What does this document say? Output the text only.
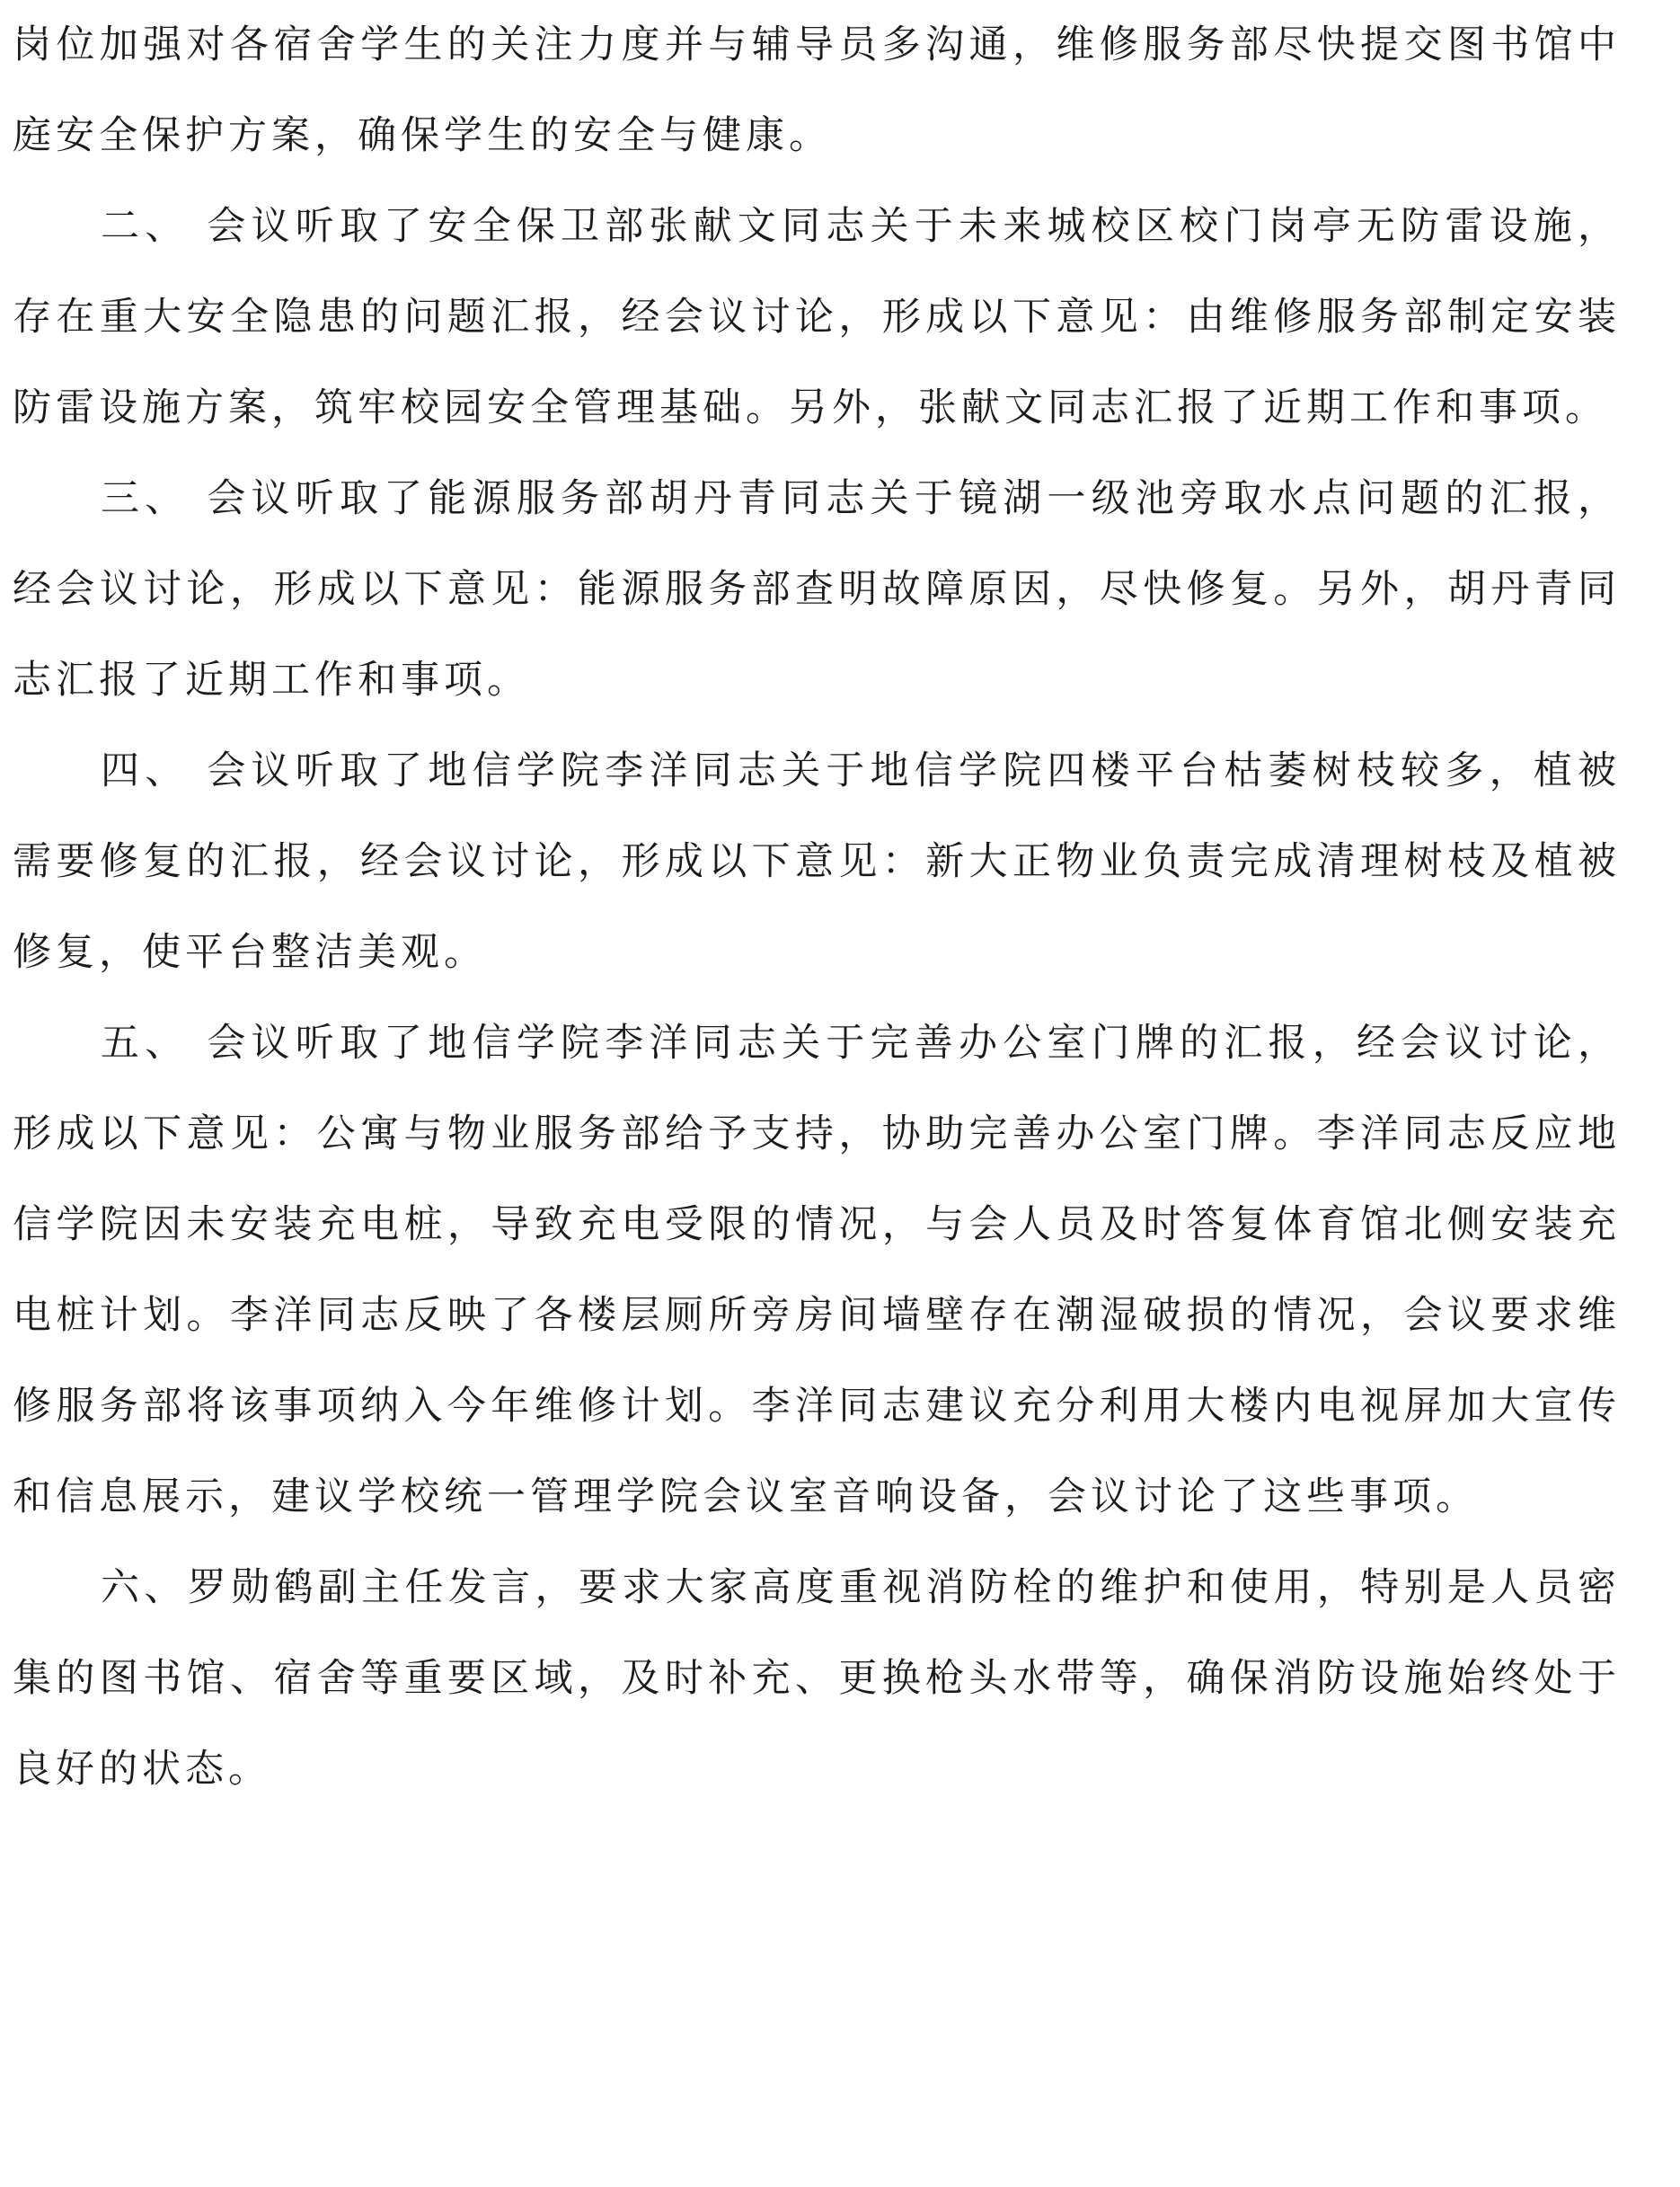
岗位加强对各宿舍学生的关注力度并与辅导员多沟通，维修服务部尽快提交图书馆中庭安全保护方案，确保学生的安全与健康。

二、 会议听取了安全保卫部张献文同志关于未来城校区校门岗亭无防雷设施，存在重大安全隐患的问题汇报，经会议讨论，形成以下意见：由维修服务部制定安装防雷设施方案，筑牢校园安全管理基础。另外，张献文同志汇报了近期工作和事项。

三、 会议听取了能源服务部胡丹青同志关于镜湖一级池旁取水点问题的汇报，经会议讨论，形成以下意见：能源服务部查明故障原因，尽快修复。另外，胡丹青同志汇报了近期工作和事项。

四、 会议听取了地信学院李洋同志关于地信学院四楼平台枯萎树枝较多，植被需要修复的汇报，经会议讨论，形成以下意见：新大正物业负责完成清理树枝及植被修复，使平台整洁美观。

五、 会议听取了地信学院李洋同志关于完善办公室门牌的汇报，经会议讨论，形成以下意见：公寓与物业服务部给予支持，协助完善办公室门牌。李洋同志反应地信学院因未安装充电桩，导致充电受限的情况，与会人员及时答复体育馆北侧安装充电桩计划。李洋同志反映了各楼层厕所旁房间墙壁存在潮湿破损的情况，会议要求维修服务部将该事项纳入今年维修计划。李洋同志建议充分利用大楼内电视屏加大宣传和信息展示，建议学校统一管理学院会议室音响设备，会议讨论了这些事项。

六、罗勋鹤副主任发言，要求大家高度重视消防栓的维护和使用，特别是人员密集的图书馆、宿舍等重要区域，及时补充、更换枪头水带等，确保消防设施始终处于良好的状态。
